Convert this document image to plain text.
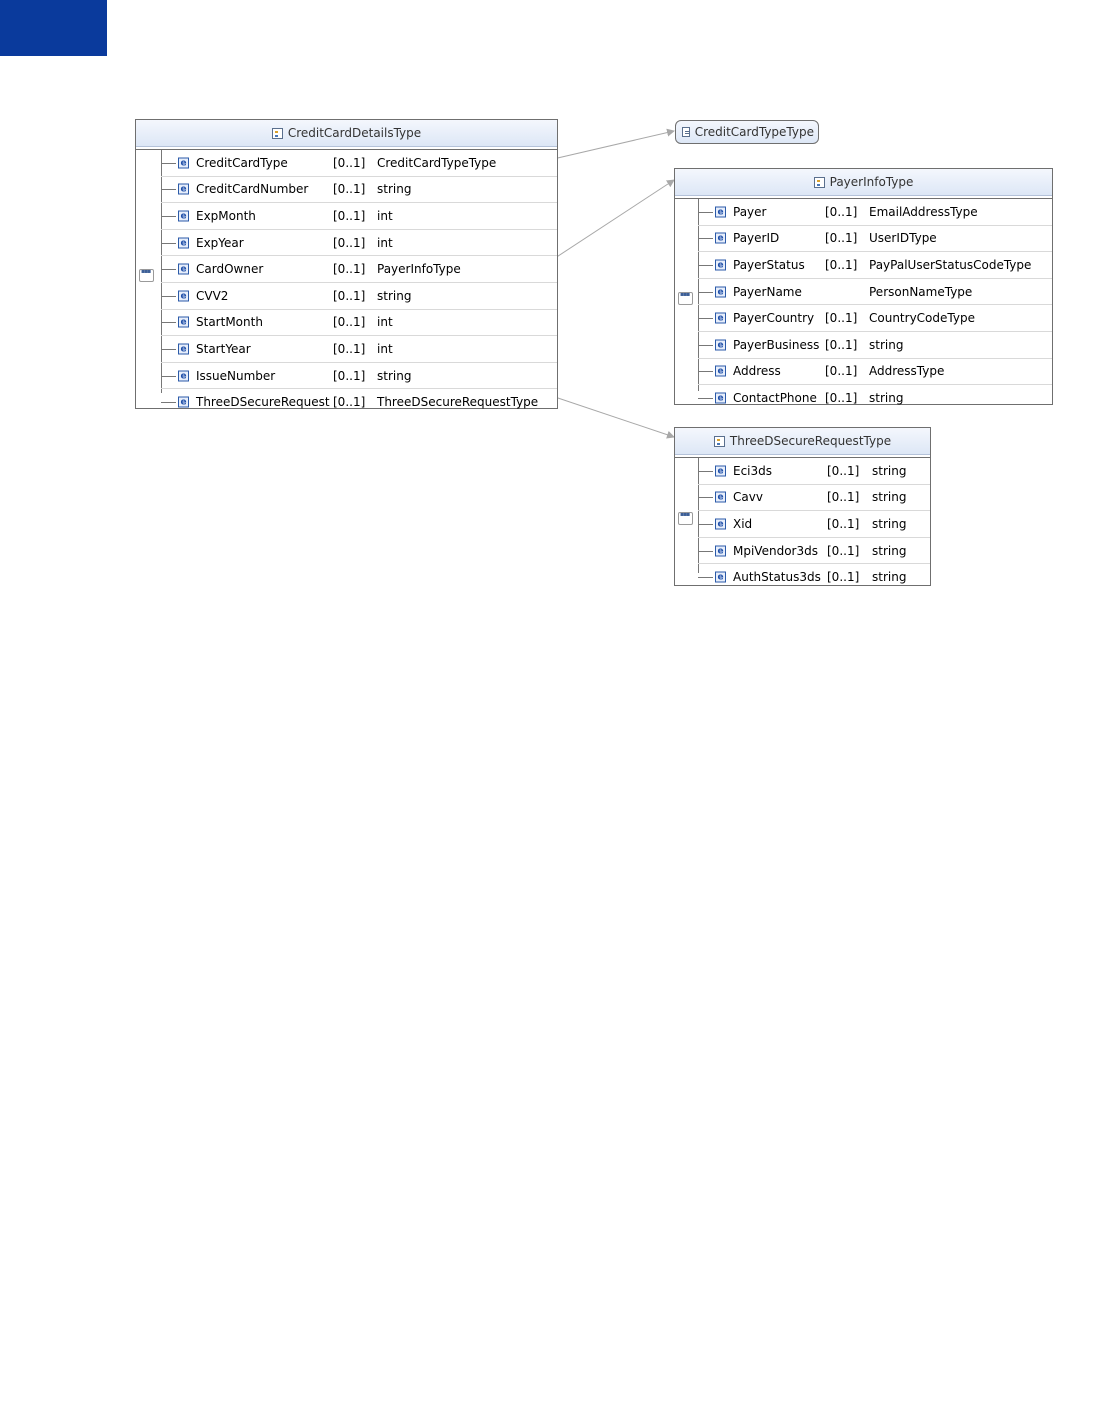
CreditCardDetailsType
e CreditCardType	[0..1] CreditCardTypeType
e CreditCardNumber [0..1] string
e ExpMonth	[0..1] int
e ExpYear	[0..1] int
e CardOwner	[0..1] PayerInfoType
e CVV2	[0..1] string
e StartMonth	[0..1] int
e StartYear	[0..1] int
e IssueNumber	[0..1] string
e ThreeDSecureRequest [0..1] ThreeDSecureRequestType
▪▪▪
CreditCardTypeType
PayerInfoType
e Payer	[0..1] EmailAddressType
e PayerID	[0..1] UserIDType
e PayerStatus [0..1] PayPalUserStatusCodeType
e PayerName	PersonNameType
e PayerCountry [0..1] CountryCodeType
e PayerBusiness [0..1] string
e Address	[0..1] AddressType
e ContactPhone [0..1] string
▪▪▪
ThreeDSecureRequestType
e Eci3ds	[0..1] string
e Cavv	[0..1] string
e Xid	[0..1] string
e MpiVendor3ds [0..1] string
e AuthStatus3ds [0..1] string
▪▪▪
